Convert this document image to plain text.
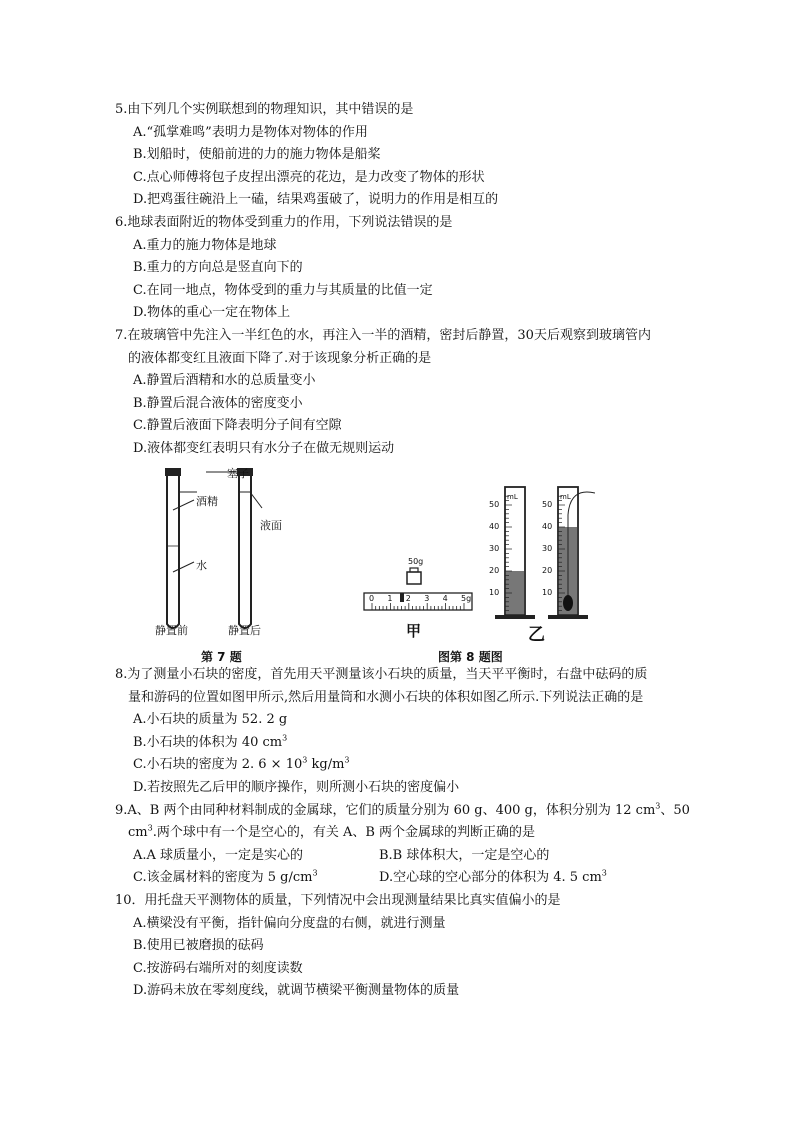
5.由下列几个实例联想到的物理知识，其中错误的是
A.“孤掌难鸣”表明力是物体对物体的作用
B.划船时，使船前进的力的施力物体是船桨
C.点心师傅将包子皮捏出漂亮的花边，是力改变了物体的形状
D.把鸡蛋往碗沿上一磕，结果鸡蛋破了，说明力的作用是相互的
6.地球表面附近的物体受到重力的作用，下列说法错误的是
A.重力的施力物体是地球
B.重力的方向总是竖直向下的
C.在同一地点，物体受到的重力与其质量的比值一定
D.物体的重心一定在物体上
7.在玻璃管中先注入一半红色的水，再注入一半的酒精，密封后静置，30天后观察到玻璃管内
的液体都变红且液面下降了.对于该现象分析正确的是
A.静置后酒精和水的总质量变小
B.静置后混合液体的密度变小
C.静置后液面下降表明分子间有空隙
D.液体都变红表明只有水分子在做无规则运动
塞子
酒精
水
液面
静置前	静置后
第 7 题
50g
0 1 2 3 4 5g
甲
mL	mL
50
40
30
20
10
50
40
30
20
10
乙
图第 8 题图
8.为了测量小石块的密度，首先用天平测量该小石块的质量，当天平平衡时，右盘中砝码的质
量和游码的位置如图甲所示,然后用量筒和水测小石块的体积如图乙所示.下列说法正确的是
A.小石块的质量为 52. 2 g
B.小石块的体积为 40 $cm^3$
C.小石块的密度为 2. $6 \times 10^3$ $kg/m^3$
D.若按照先乙后甲的顺序操作，则所测小石块的密度偏小
9.A、B 两个由同种材料制成的金属球，它们的质量分别为 60 g、400 g，体积分别为 12 $cm^3$、50
$cm^3$.两个球中有一个是空心的，有关 A、B 两个金属球的判断正确的是
A.A 球质量小，一定是实心的	B.B 球体积大，一定是空心的
C.该金属材料的密度为 5 $g/cm^3$	D.空心球的空心部分的体积为 4. 5 $cm^3$
10．用托盘天平测物体的质量，下列情况中会出现测量结果比真实值偏小的是
A.横梁没有平衡，指针偏向分度盘的右侧，就进行测量
B.使用已被磨损的砝码
C.按游码右端所对的刻度读数
D.游码未放在零刻度线，就调节横梁平衡测量物体的质量
